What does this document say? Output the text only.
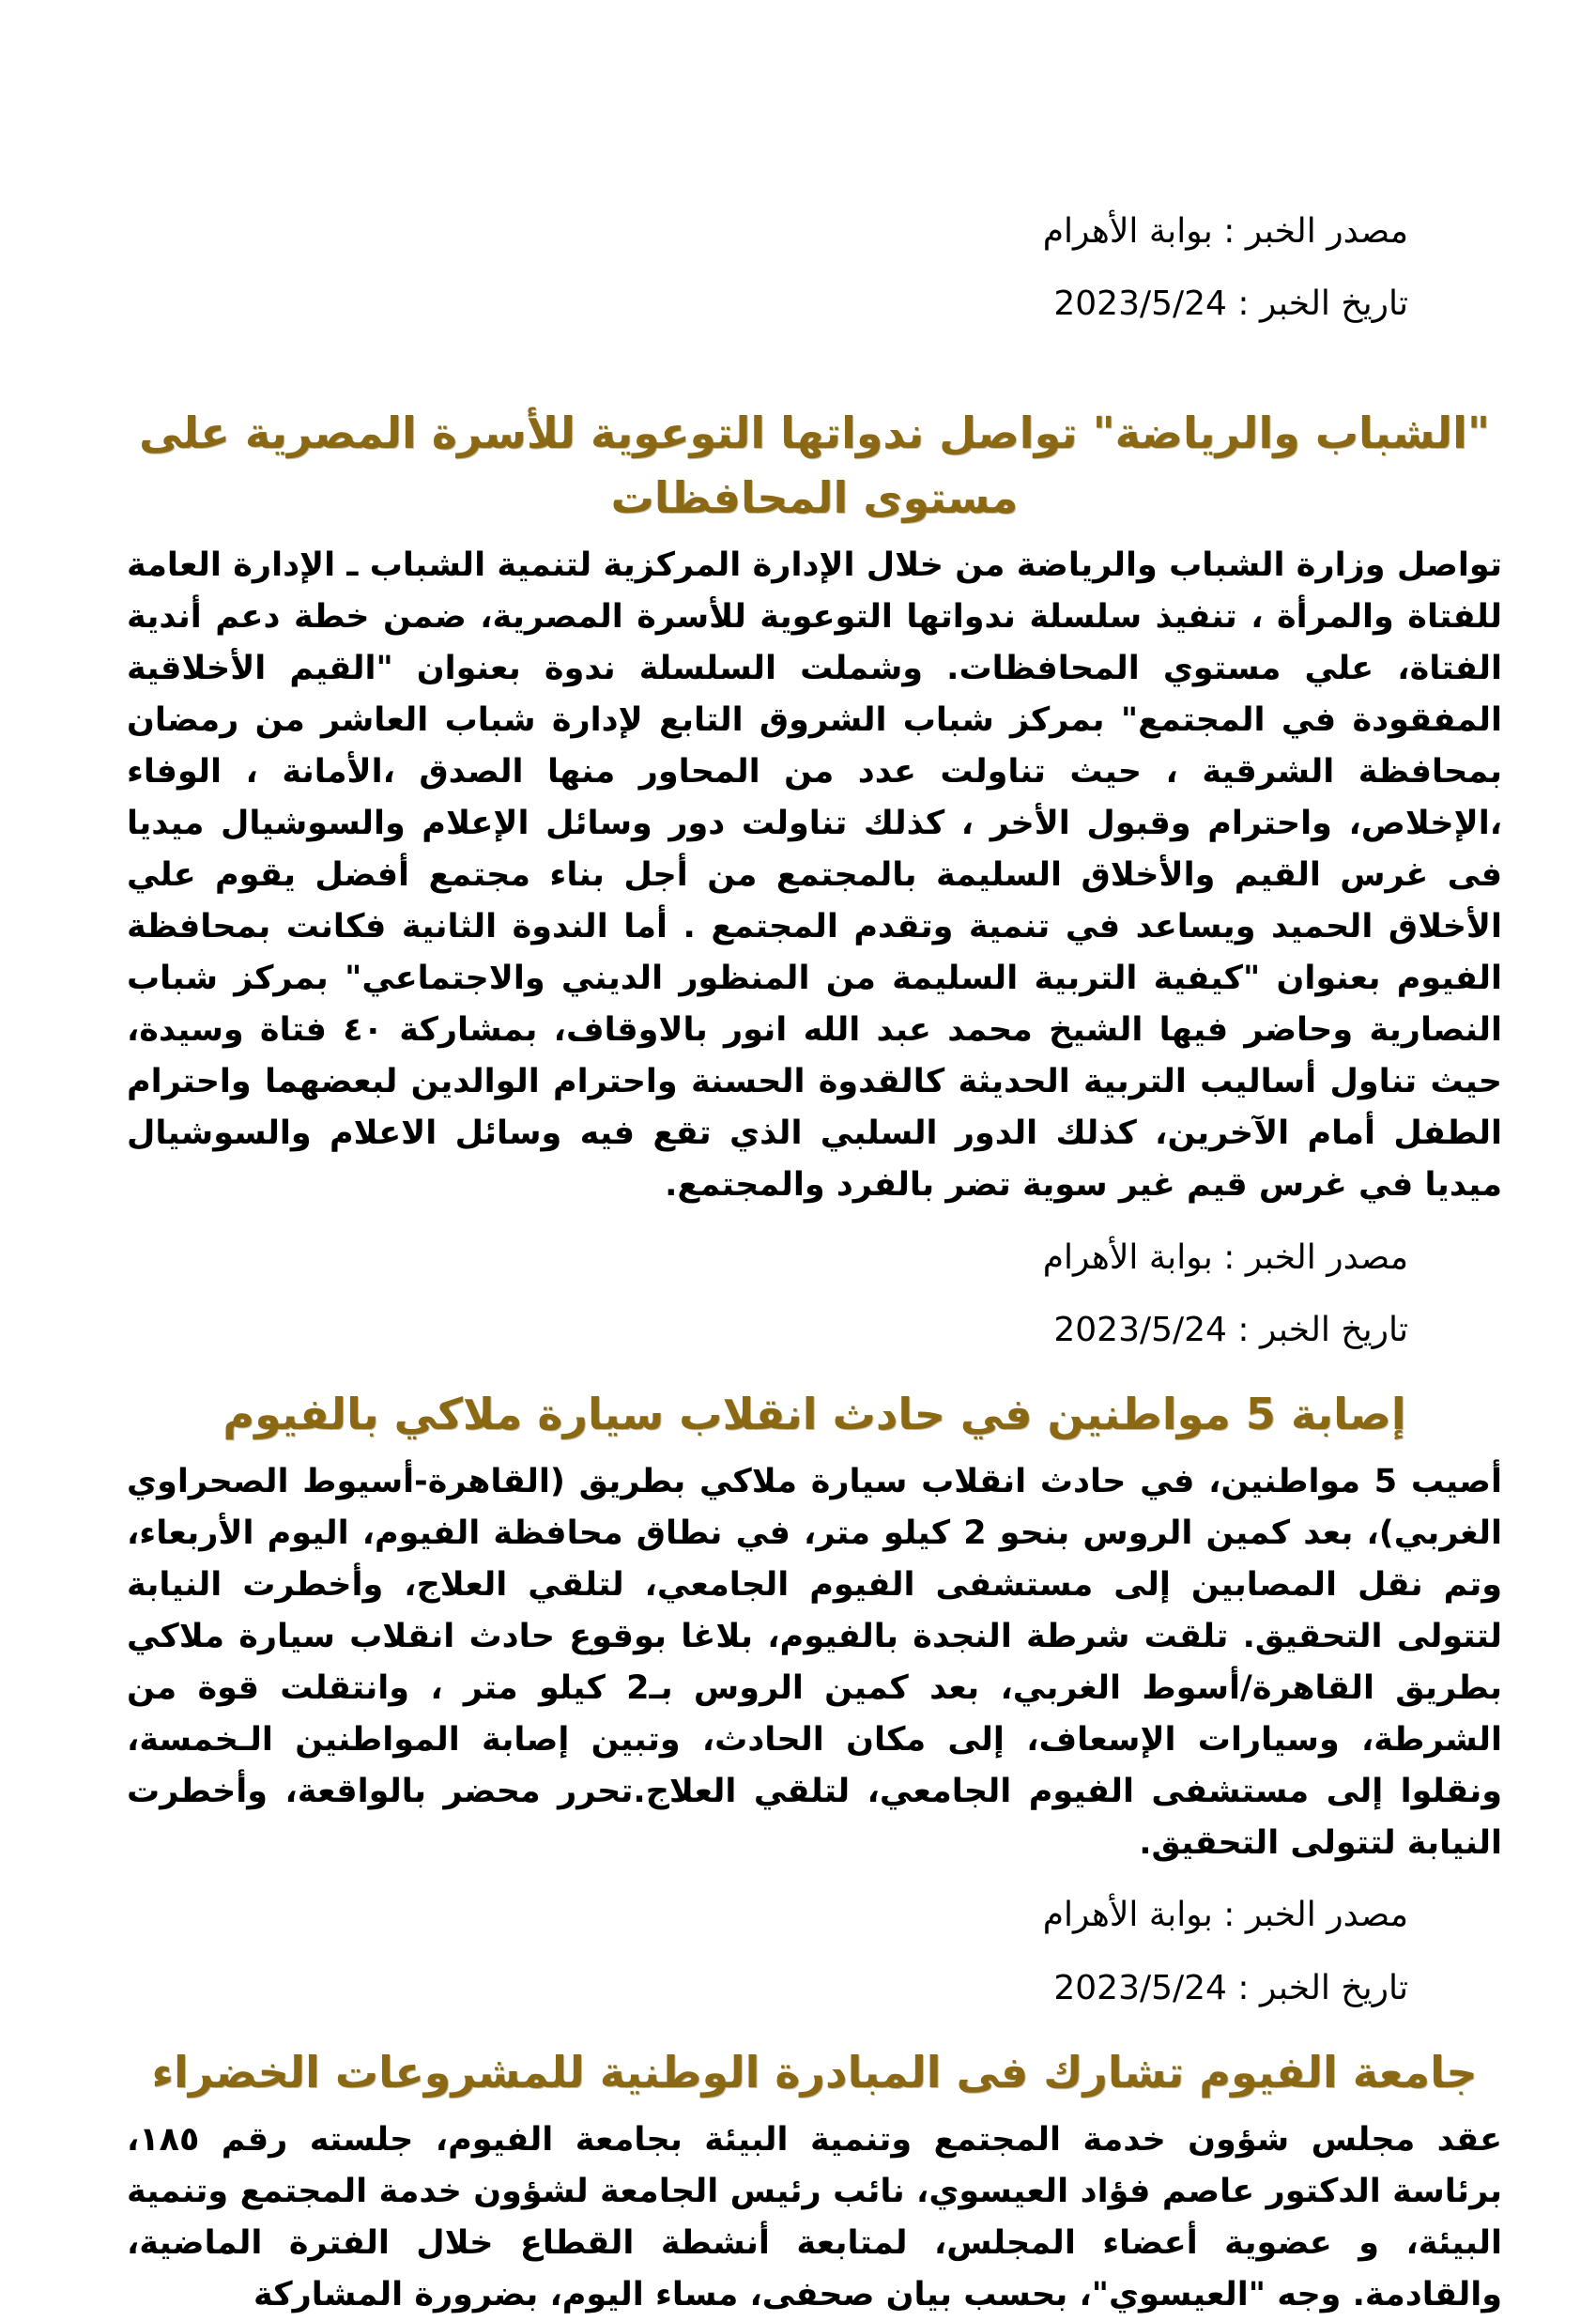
مصدر الخبر : بوابة الأهرام

تاريخ الخبر : 2023/5/24

"الشباب والرياضة" تواصل ندواتها التوعوية للأسرة المصرية على مستوى المحافظات

تواصل وزارة الشباب والرياضة من خلال الإدارة المركزية لتنمية الشباب ـ الإدارة العامة للفتاة والمرأة ، تنفيذ سلسلة ندواتها التوعوية للأسرة المصرية، ضمن خطة دعم أندية الفتاة، علي مستوي المحافظات. وشملت السلسلة ندوة بعنوان "القيم الأخلاقية المفقودة في المجتمع" بمركز شباب الشروق التابع لإدارة شباب العاشر من رمضان بمحافظة الشرقية ، حيث تناولت عدد من المحاور منها الصدق ،الأمانة ، الوفاء ،الإخلاص، واحترام وقبول الأخر ، كذلك تناولت دور وسائل الإعلام والسوشيال ميديا فى غرس القيم والأخلاق السليمة بالمجتمع من أجل بناء مجتمع أفضل يقوم علي الأخلاق الحميد ويساعد في تنمية وتقدم المجتمع . أما الندوة الثانية فكانت بمحافظة الفيوم بعنوان "كيفية التربية السليمة من المنظور الديني والاجتماعي" بمركز شباب النصارية وحاضر فيها الشيخ محمد عبد الله انور بالاوقاف، بمشاركة ٤٠ فتاة وسيدة، حيث تناول أساليب التربية الحديثة كالقدوة الحسنة واحترام الوالدين لبعضهما واحترام الطفل أمام الآخرين، كذلك الدور السلبي الذي تقع فيه وسائل الاعلام والسوشيال ميديا في غرس قيم غير سوية تضر بالفرد والمجتمع.

مصدر الخبر : بوابة الأهرام

تاريخ الخبر : 2023/5/24

إصابة 5 مواطنين في حادث انقلاب سيارة ملاكي بالفيوم

أصيب 5 مواطنين، في حادث انقلاب سيارة ملاكي بطريق (القاهرة-أسيوط الصحراوي الغربي)، بعد كمين الروس بنحو 2 كيلو متر، في نطاق محافظة الفيوم، اليوم الأربعاء، وتم نقل المصابين إلى مستشفى الفيوم الجامعي، لتلقي العلاج، وأخطرت النيابة لتتولى التحقيق. تلقت شرطة النجدة بالفيوم، بلاغا بوقوع حادث انقلاب سيارة ملاكي بطريق القاهرة/أسوط الغربي، بعد كمين الروس بـ2 كيلو متر ، وانتقلت قوة من الشرطة، وسيارات الإسعاف، إلى مكان الحادث، وتبين إصابة المواطنين الـخمسة، ونقلوا إلى مستشفى الفيوم الجامعي، لتلقي العلاج.تحرر محضر بالواقعة، وأخطرت النيابة لتتولى التحقيق.

مصدر الخبر : بوابة الأهرام

تاريخ الخبر : 2023/5/24

جامعة الفيوم تشارك فى المبادرة الوطنية للمشروعات الخضراء

عقد مجلس شؤون خدمة المجتمع وتنمية البيئة بجامعة الفيوم، جلسته رقم ١٨٥، برئاسة الدكتور عاصم فؤاد العيسوي، نائب رئيس الجامعة لشؤون خدمة المجتمع وتنمية البيئة، و عضوية أعضاء المجلس، لمتابعة أنشطة القطاع خلال الفترة الماضية، والقادمة. وجه "العيسوي"، بحسب بيان صحفى، مساء اليوم، بضرورة المشاركة
